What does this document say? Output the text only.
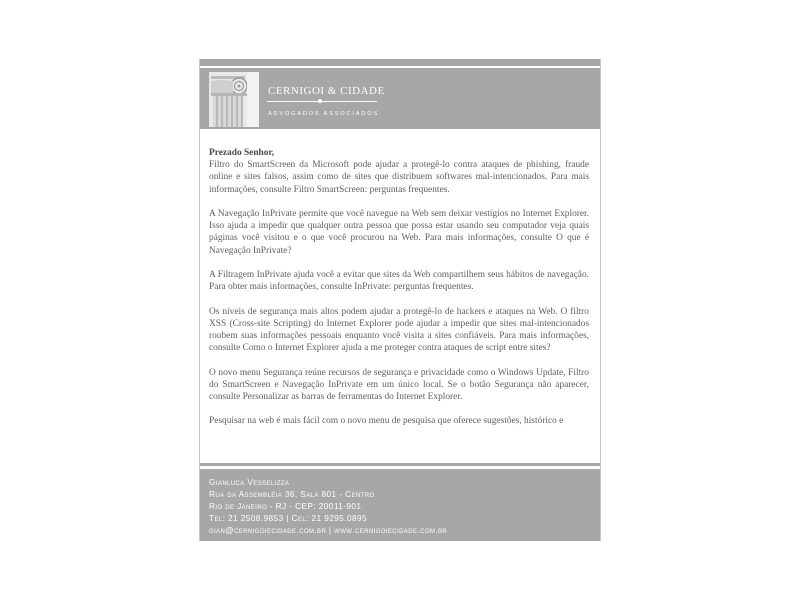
CERNIGOI & CIDADE
ADVOGADOS ASSOCIADOS

Prezado Senhor,

Filtro do SmartScreen da Microsoft pode ajudar a protegê-lo contra ataques de phishing, fraude online e sites falsos, assim como de sites que distribuem softwares mal-intencionados. Para mais informações, consulte Filtro SmartScreen: perguntas frequentes.

A Navegação InPrivate permite que você navegue na Web sem deixar vestígios no Internet Explorer. Isso ajuda a impedir que qualquer outra pessoa que possa estar usando seu computador veja quais páginas você visitou e o que você procurou na Web. Para mais informações, consulte O que é Navegação InPrivate?

A Filtragem InPrivate ajuda você a evitar que sites da Web compartilhem seus hábitos de navegação. Para obter mais informações, consulte InPrivate: perguntas frequentes.

Os níveis de segurança mais altos podem ajudar a protegê-lo de hackers e ataques na Web. O filtro XSS (Cross-site Scripting) do Internet Explorer pode ajudar a impedir que sites mal-intencionados roubem suas informações pessoais enquanto você visita a sites confiáveis. Para mais informações, consulte Como o Internet Explorer ajuda a me proteger contra ataques de script entre sites?

O novo menu Segurança reúne recursos de segurança e privacidade como o Windows Update, Filtro do SmartScreen e Navegação InPrivate em um único local. Se o botão Segurança não aparecer, consulte Personalizar as barras de ferramentas do Internet Explorer.

Pesquisar na web é mais fácil com o novo menu de pesquisa que oferece sugestões, histórico e

Gianluca Vesselizza
Rua da Assembléia 36, Sala 801 - Centro
Rio de Janeiro - RJ - CEP: 20011-901
Tel: 21 2508.9853 | Cel: 21 9295.0895
gian@cernigoiecidade.com.br | www.cernigoiecidade.com.br
